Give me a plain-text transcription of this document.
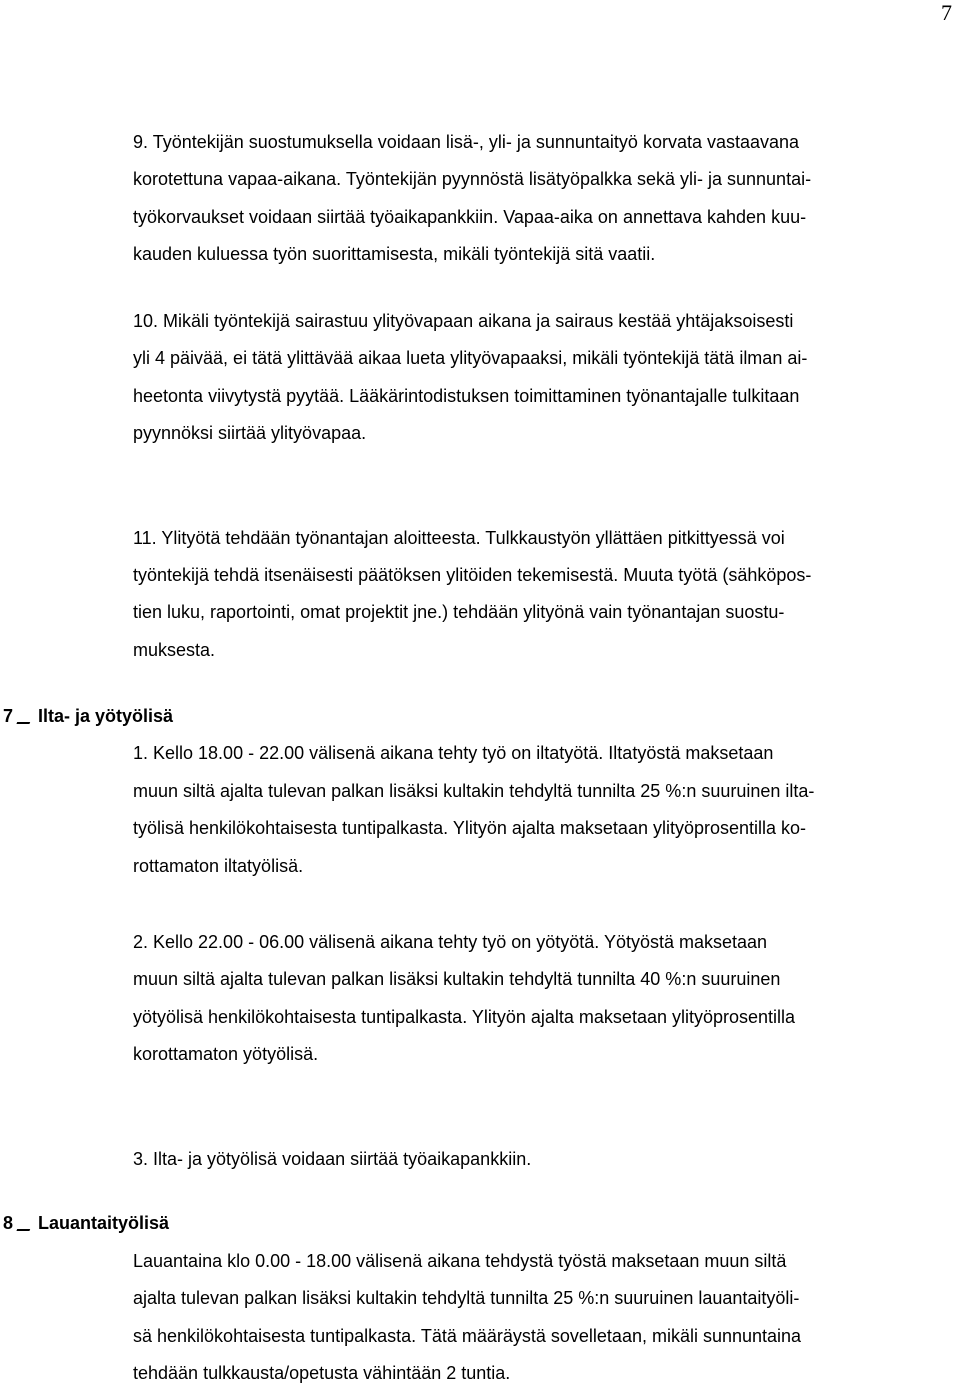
7
9. Työntekijän suostumuksella voidaan lisä-, yli- ja sunnuntaityö korvata vastaavana
korotettuna vapaa-aikana. Työntekijän pyynnöstä lisätyöpalkka sekä yli- ja sunnuntai-
työkorvaukset voidaan siirtää työaikapankkiin. Vapaa-aika on annettava kahden kuu-
kauden kuluessa työn suorittamisesta, mikäli työntekijä sitä vaatii.
10. Mikäli työntekijä sairastuu ylityövapaan aikana ja sairaus kestää yhtäjaksoisesti
yli 4 päivää, ei tätä ylittävää aikaa lueta ylityövapaaksi, mikäli työntekijä tätä ilman ai-
heetonta viivytystä pyytää. Lääkärintodistuksen toimittaminen työnantajalle tulkitaan
pyynnöksi siirtää ylityövapaa.
11. Ylityötä tehdään työnantajan aloitteesta. Tulkkaustyön yllättäen pitkittyessä voi
työntekijä tehdä itsenäisesti päätöksen ylitöiden tekemisestä. Muuta työtä (sähköpos-
tien luku, raportointi, omat projektit jne.) tehdään ylityönä vain työnantajan suostu-
muksesta.
7 Ilta- ja yötyölisä
1. Kello 18.00 - 22.00 välisenä aikana tehty työ on iltatyötä. Iltatyöstä maksetaan
muun siltä ajalta tulevan palkan lisäksi kultakin tehdyltä tunnilta 25 %:n suuruinen ilta-
työlisä henkilökohtaisesta tuntipalkasta. Ylityön ajalta maksetaan ylityöprosentilla ko-
rottamaton iltatyölisä.
2. Kello 22.00 - 06.00 välisenä aikana tehty työ on yötyötä. Yötyöstä maksetaan
muun siltä ajalta tulevan palkan lisäksi kultakin tehdyltä tunnilta 40 %:n suuruinen
yötyölisä henkilökohtaisesta tuntipalkasta. Ylityön ajalta maksetaan ylityöprosentilla
korottamaton yötyölisä.
3. Ilta- ja yötyölisä voidaan siirtää työaikapankkiin.
8 Lauantaityölisä
Lauantaina klo 0.00 - 18.00 välisenä aikana tehdystä työstä maksetaan muun siltä
ajalta tulevan palkan lisäksi kultakin tehdyltä tunnilta 25 %:n suuruinen lauantaityöli-
sä henkilökohtaisesta tuntipalkasta. Tätä määräystä sovelletaan, mikäli sunnuntaina
tehdään tulkkausta/opetusta vähintään 2 tuntia.
